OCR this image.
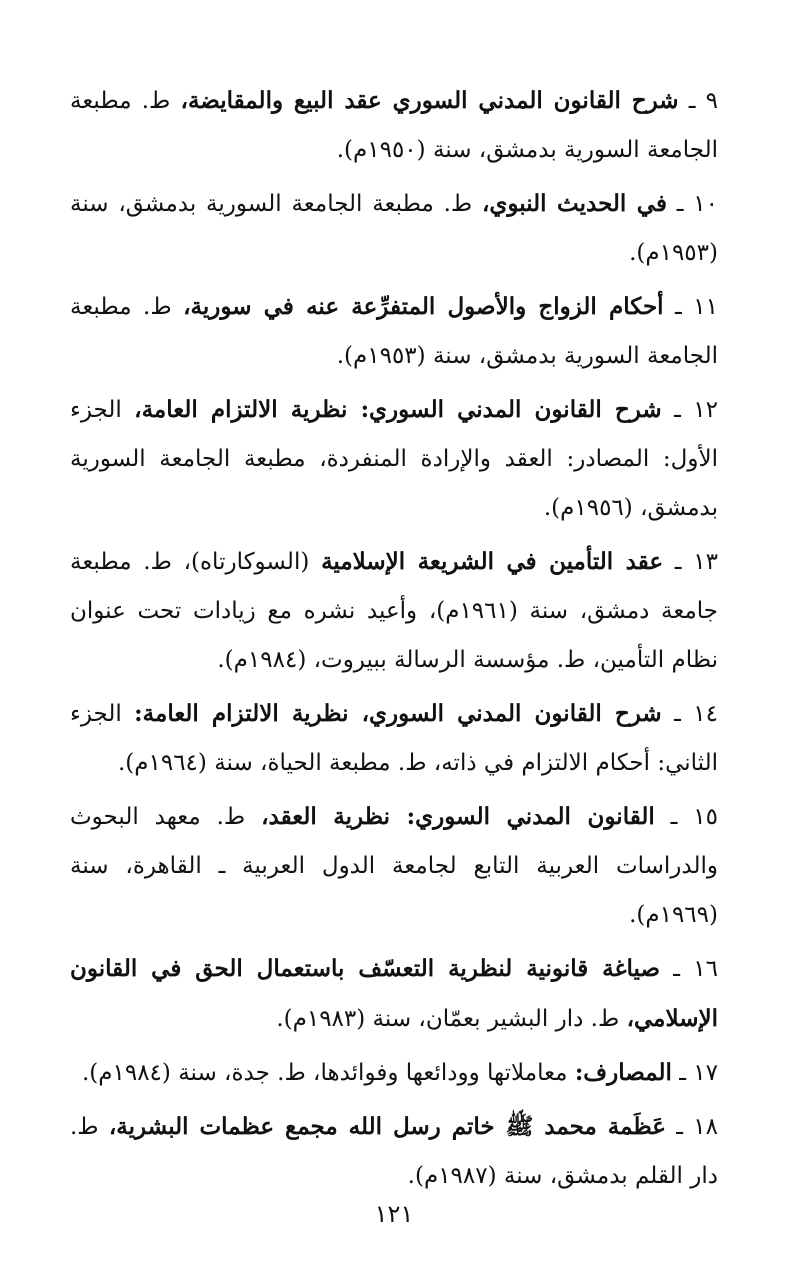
٩ ـ شرح القانون المدني السوري عقد البيع والمقايضة، ط. مطبعة الجامعة السورية بدمشق، سنة (١٩٥٠م).

١٠ ـ في الحديث النبوي، ط. مطبعة الجامعة السورية بدمشق، سنة (١٩٥٣م).

١١ ـ أحكام الزواج والأصول المتفرِّعة عنه في سورية، ط. مطبعة الجامعة السورية بدمشق، سنة (١٩٥٣م).

١٢ ـ شرح القانون المدني السوري: نظرية الالتزام العامة، الجزء الأول: المصادر: العقد والإرادة المنفردة، مطبعة الجامعة السورية بدمشق، (١٩٥٦م).

١٣ ـ عقد التأمين في الشريعة الإسلامية (السوكارتاه)، ط. مطبعة جامعة دمشق، سنة (١٩٦١م)، وأعيد نشره مع زيادات تحت عنوان نظام التأمين، ط. مؤسسة الرسالة ببيروت، (١٩٨٤م).

١٤ ـ شرح القانون المدني السوري، نظرية الالتزام العامة: الجزء الثاني: أحكام الالتزام في ذاته، ط. مطبعة الحياة، سنة (١٩٦٤م).

١٥ ـ القانون المدني السوري: نظرية العقد، ط. معهد البحوث والدراسات العربية التابع لجامعة الدول العربية ـ القاهرة، سنة (١٩٦٩م).

١٦ ـ صياغة قانونية لنظرية التعسّف باستعمال الحق في القانون الإسلامي، ط. دار البشير بعمّان، سنة (١٩٨٣م).

١٧ ـ المصارف: معاملاتها وودائعها وفوائدها، ط. جدة، سنة (١٩٨٤م).

١٨ ـ عَظَمة محمد ﷺ خاتم رسل الله مجمع عظمات البشرية، ط. دار القلم بدمشق، سنة (١٩٨٧م).

١٢١
